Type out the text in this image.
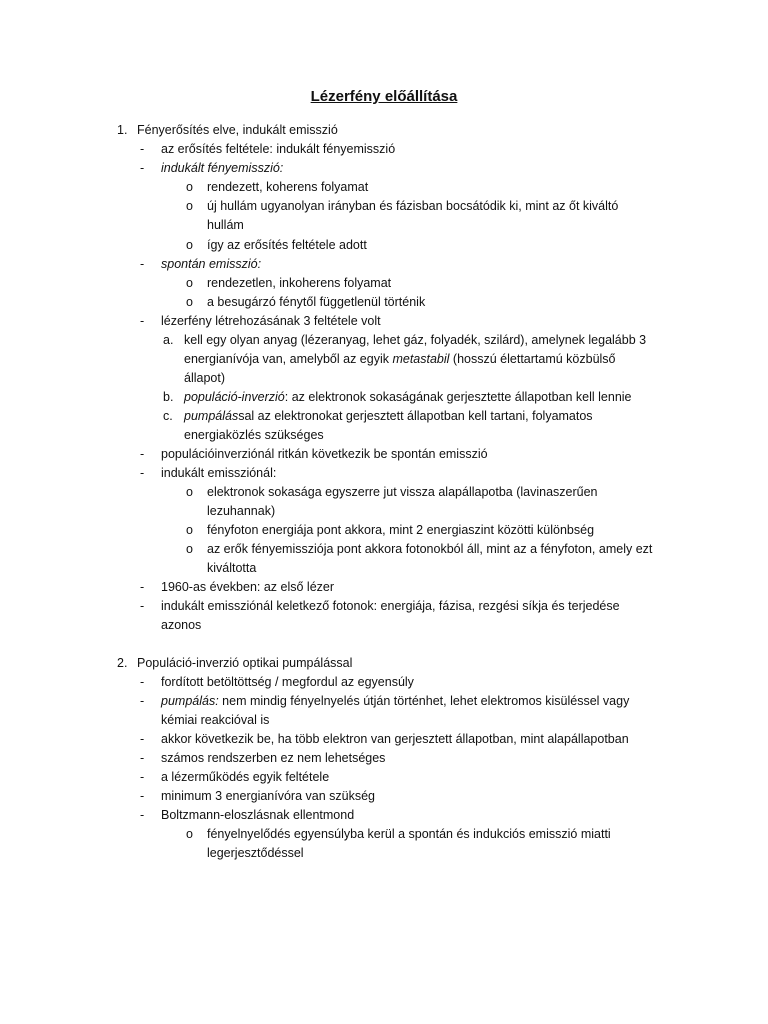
Lézerfény előállítása
1. Fényerősítés elve, indukált emisszió
- az erősítés feltétele: indukált fényemisszió
- indukált fényemisszió:
o rendezett, koherens folyamat
o új hullám ugyanolyan irányban és fázisban bocsátódik ki, mint az őt kiváltó
hullám
o így az erősítés feltétele adott
- spontán emisszió:
o rendezetlen, inkoherens folyamat
o a besugárzó fénytől függetlenül történik
- lézerfény létrehozásának 3 feltétele volt
a. kell egy olyan anyag (lézeranyag, lehet gáz, folyadék, szilárd), amelynek legalább 3
energianívója van, amelyből az egyik metastabil (hosszú élettartamú közbülső
állapot)
b. populáció-inverzió: az elektronok sokaságának gerjesztette állapotban kell lennie
c. pumpálással az elektronokat gerjesztett állapotban kell tartani, folyamatos
energiaközlés szükséges
- populációinverziónál ritkán következik be spontán emisszió
- indukált emissziónál:
o elektronok sokasága egyszerre jut vissza alapállapotba (lavinaszerűen
lezuhannak)
o fényfoton energiája pont akkora, mint 2 energiaszint közötti különbség
o az erők fényemissziója pont akkora fotonokból áll, mint az a fényfoton, amely ezt
kiváltotta
- 1960-as években: az első lézer
- indukált emissziónál keletkező fotonok: energiája, fázisa, rezgési síkja és terjedése
azonos
2. Populáció-inverzió optikai pumpálással
- fordított betöltöttség / megfordul az egyensúly
- pumpálás: nem mindig fényelnyelés útján történhet, lehet elektromos kisüléssel vagy
kémiai reakcióval is
- akkor következik be, ha több elektron van gerjesztett állapotban, mint alapállapotban
- számos rendszerben ez nem lehetséges
- a lézerműködés egyik feltétele
- minimum 3 energianívóra van szükség
- Boltzmann-eloszlásnak ellentmond
o fényelnyelődés egyensúlyba kerül a spontán és indukciós emisszió miatti
legerjesztődéssel
